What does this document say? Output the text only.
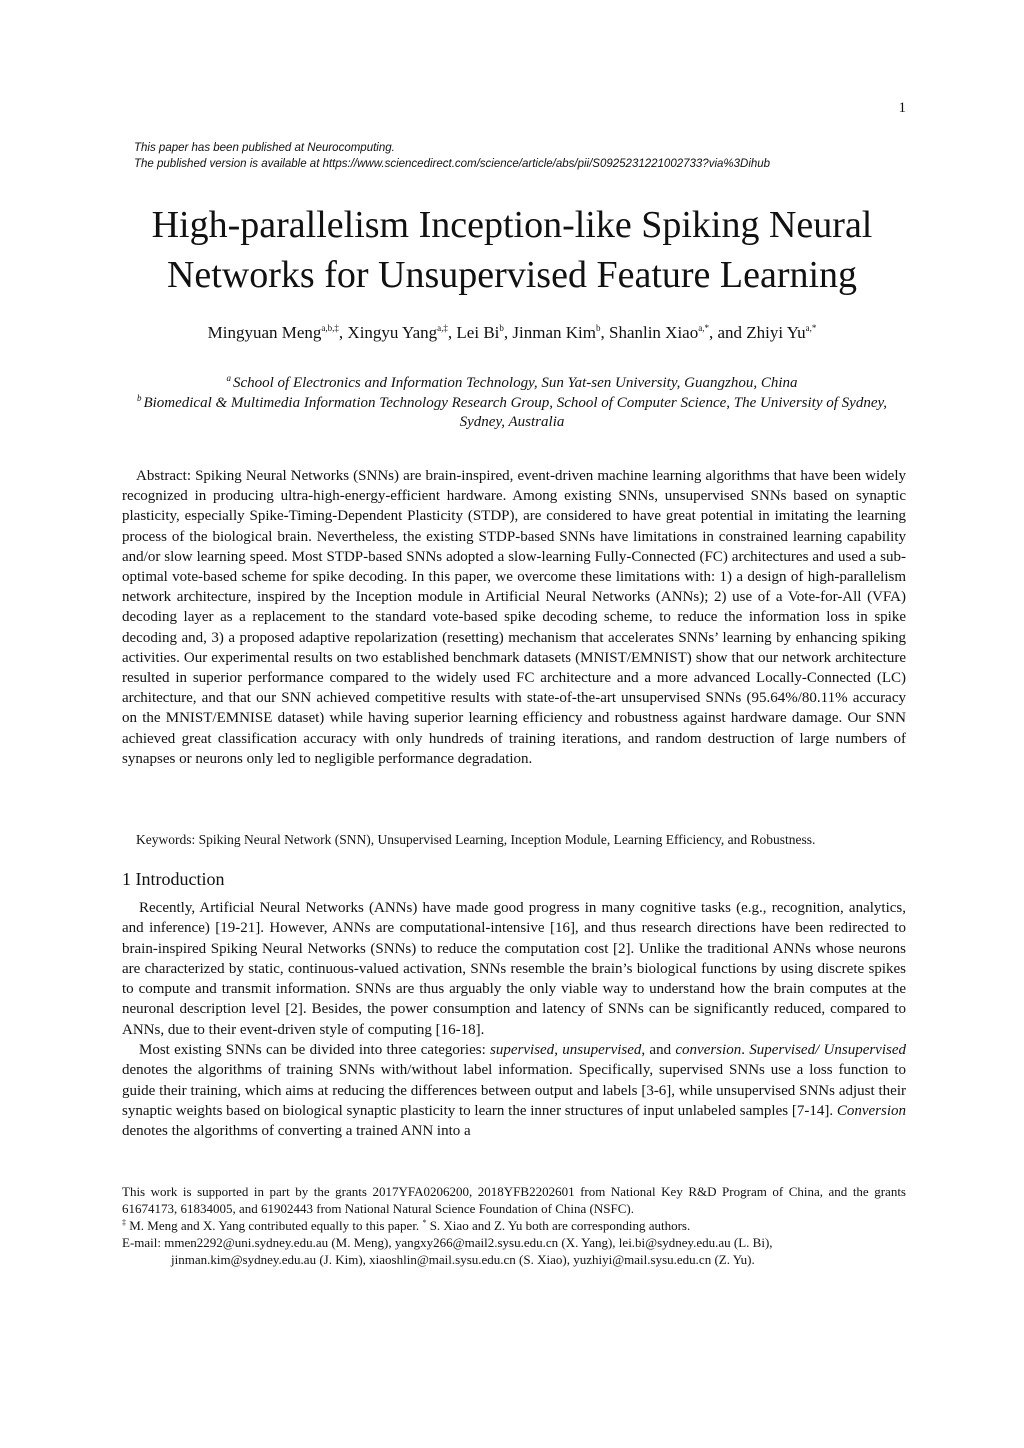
1
This paper has been published at Neurocomputing.
The published version is available at https://www.sciencedirect.com/science/article/abs/pii/S0925231221002733?via%3Dihub
High-parallelism Inception-like Spiking Neural
Networks for Unsupervised Feature Learning
Mingyuan Meng$^{a,b,\ddagger}$, Xingyu Yang$^{a,\ddagger}$, Lei Bi$^b$, Jinman Kim$^b$, Shanlin Xiao$^{a,*}$, and Zhiyi $Yu^{a,*}$
$^a$ School of Electronics and Information Technology, Sun Yat-sen University, Guangzhou, China
$^b$ Biomedical & Multimedia Information Technology Research Group, School of Computer Science, The University of Sydney, Sydney, Australia

Abstract: Spiking Neural Networks (SNNs) are brain-inspired, event-driven machine learning algorithms that have been widely recognized in producing ultra-high-energy-efficient hardware. Among existing SNNs, unsupervised SNNs based on synaptic plasticity, especially Spike-Timing-Dependent Plasticity (STDP), are considered to have great potential in imitating the learning process of the biological brain. Nevertheless, the existing STDP-based SNNs have limitations in constrained learning capability and/or slow learning speed. Most STDP-based SNNs adopted a slow-learning Fully-Connected (FC) architectures and used a sub-optimal vote-based scheme for spike decoding. In this paper, we overcome these limitations with: 1) a design of high-parallelism network architecture, inspired by the Inception module in Artificial Neural Networks (ANNs); 2) use of a Vote-for-All (VFA) decoding layer as a replacement to the standard vote-based spike decoding scheme, to reduce the information loss in spike decoding and, 3) a proposed adaptive repolarization (resetting) mechanism that accelerates SNNs’ learning by enhancing spiking activities. Our experimental results on two established benchmark datasets (MNIST/EMNIST) show that our network architecture resulted in superior performance compared to the widely used FC architecture and a more advanced Locally-Connected (LC) architecture, and that our SNN achieved competitive results with state-of-the-art unsupervised SNNs (95.64%/80.11% accuracy on the MNIST/EMNISE dataset) while having superior learning efficiency and robustness against hardware damage. Our SNN achieved great classification accuracy with only hundreds of training iterations, and random destruction of large numbers of synapses or neurons only led to negligible performance degradation.

Keywords: Spiking Neural Network (SNN), Unsupervised Learning, Inception Module, Learning Efficiency, and Robustness.
1 Introduction

Recently, Artificial Neural Networks (ANNs) have made good progress in many cognitive tasks (e.g., recognition, analytics, and inference) [19-21]. However, ANNs are computational-intensive [16], and thus research directions have been redirected to brain-inspired Spiking Neural Networks (SNNs) to reduce the computation cost [2]. Unlike the traditional ANNs whose neurons are characterized by static, continuous-valued activation, SNNs resemble the brain’s biological functions by using discrete spikes to compute and transmit information. SNNs are thus arguably the only viable way to understand how the brain computes at the neuronal description level [2]. Besides, the power consumption and latency of SNNs can be significantly reduced, compared to ANNs, due to their event-driven style of computing [16-18].

Most existing SNNs can be divided into three categories: supervised, unsupervised, and conversion. Supervised/ Unsupervised denotes the algorithms of training SNNs with/without label information. Specifically, supervised SNNs use a loss function to guide their training, which aims at reducing the differences between output and labels [3-6], while unsupervised SNNs adjust their synaptic weights based on biological synaptic plasticity to learn the inner structures of input unlabeled samples [7-14]. Conversion denotes the algorithms of converting a trained ANN into a

This work is supported in part by the grants 2017YFA0206200, 2018YFB2202601 from National Key R&D Program of China, and the grants 61674173, 61834005, and 61902443 from National Natural Science Foundation of China (NSFC).

‡ M. Meng and X. Yang contributed equally to this paper. * S. Xiao and Z. Yu both are corresponding authors.

E-mail: mmen2292@uni.sydney.edu.au (M. Meng), yangxy266@mail2.sysu.edu.cn (X. Yang), lei.bi@sydney.edu.au (L. Bi),

jinman.kim@sydney.edu.au (J. Kim), xiaoshlin@mail.sysu.edu.cn (S. Xiao), yuzhiyi@mail.sysu.edu.cn (Z. Yu).
